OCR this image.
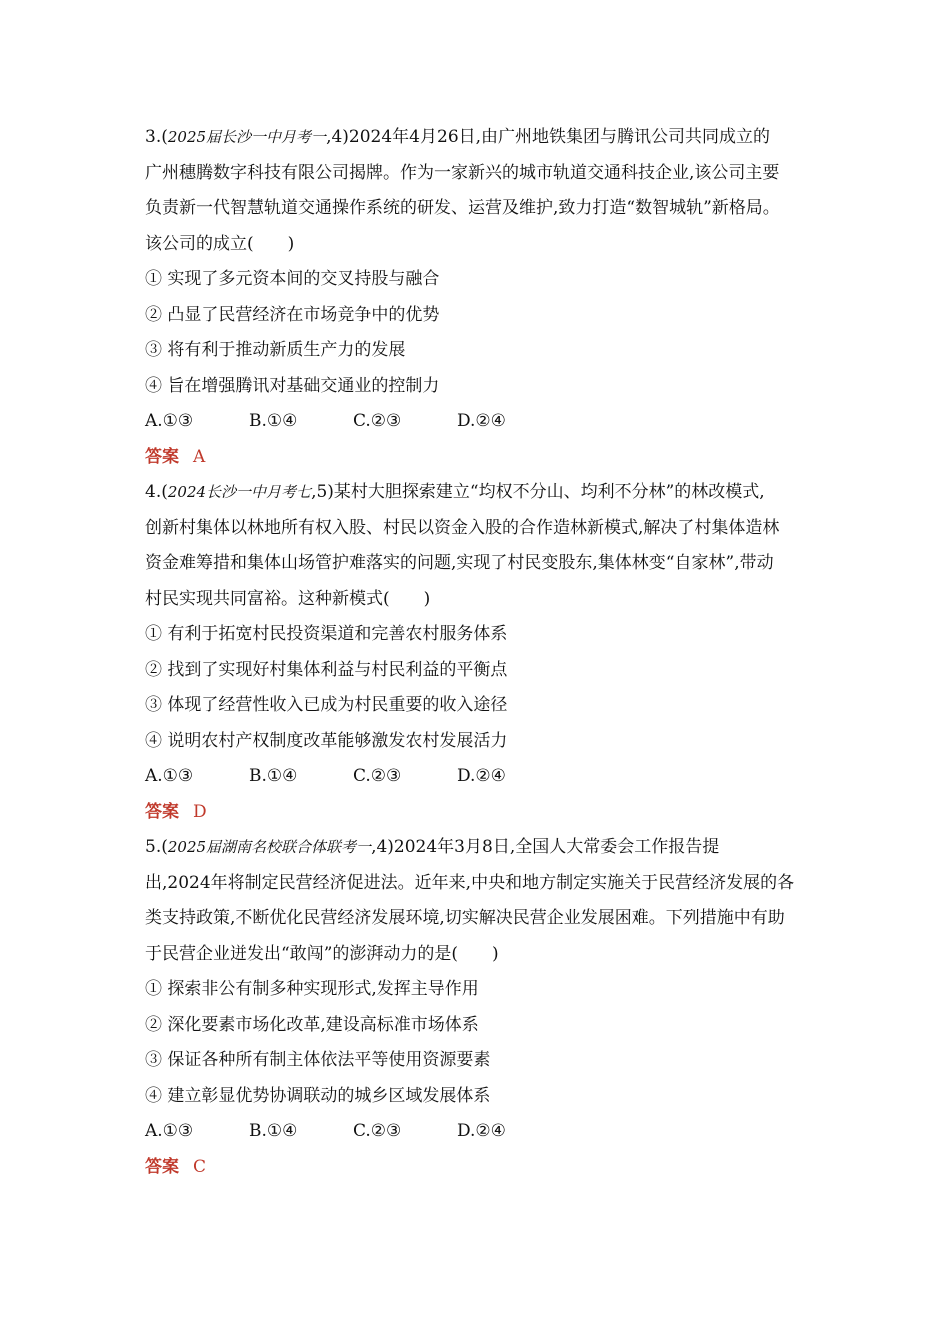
3.(2025届长沙一中月考一,4)2024年4月26日,由广州地铁集团与腾讯公司共同成立的
广州穗腾数字科技有限公司揭牌。作为一家新兴的城市轨道交通科技企业,该公司主要
负责新一代智慧轨道交通操作系统的研发、运营及维护,致力打造“数智城轨”新格局。
该公司的成立(　　)
① 实现了多元资本间的交叉持股与融合
② 凸显了民营经济在市场竞争中的优势
③ 将有利于推动新质生产力的发展
④ 旨在增强腾讯对基础交通业的控制力
A.①③	B.①④	C.②③	D.②④
答案 A
4.(2024长沙一中月考七,5)某村大胆探索建立“均权不分山、均利不分林”的林改模式,
创新村集体以林地所有权入股、村民以资金入股的合作造林新模式,解决了村集体造林
资金难筹措和集体山场管护难落实的问题,实现了村民变股东,集体林变“自家林”,带动
村民实现共同富裕。这种新模式(　　)
① 有利于拓宽村民投资渠道和完善农村服务体系
② 找到了实现好村集体利益与村民利益的平衡点
③ 体现了经营性收入已成为村民重要的收入途径
④ 说明农村产权制度改革能够激发农村发展活力
A.①③	B.①④	C.②③	D.②④
答案 D
5.(2025届湖南名校联合体联考一,4)2024年3月8日,全国人大常委会工作报告提
出,2024年将制定民营经济促进法。近年来,中央和地方制定实施关于民营经济发展的各
类支持政策,不断优化民营经济发展环境,切实解决民营企业发展困难。下列措施中有助
于民营企业迸发出“敢闯”的澎湃动力的是(　　)
① 探索非公有制多种实现形式,发挥主导作用
② 深化要素市场化改革,建设高标准市场体系
③ 保证各种所有制主体依法平等使用资源要素
④ 建立彰显优势协调联动的城乡区域发展体系
A.①③	B.①④	C.②③	D.②④
答案 C
